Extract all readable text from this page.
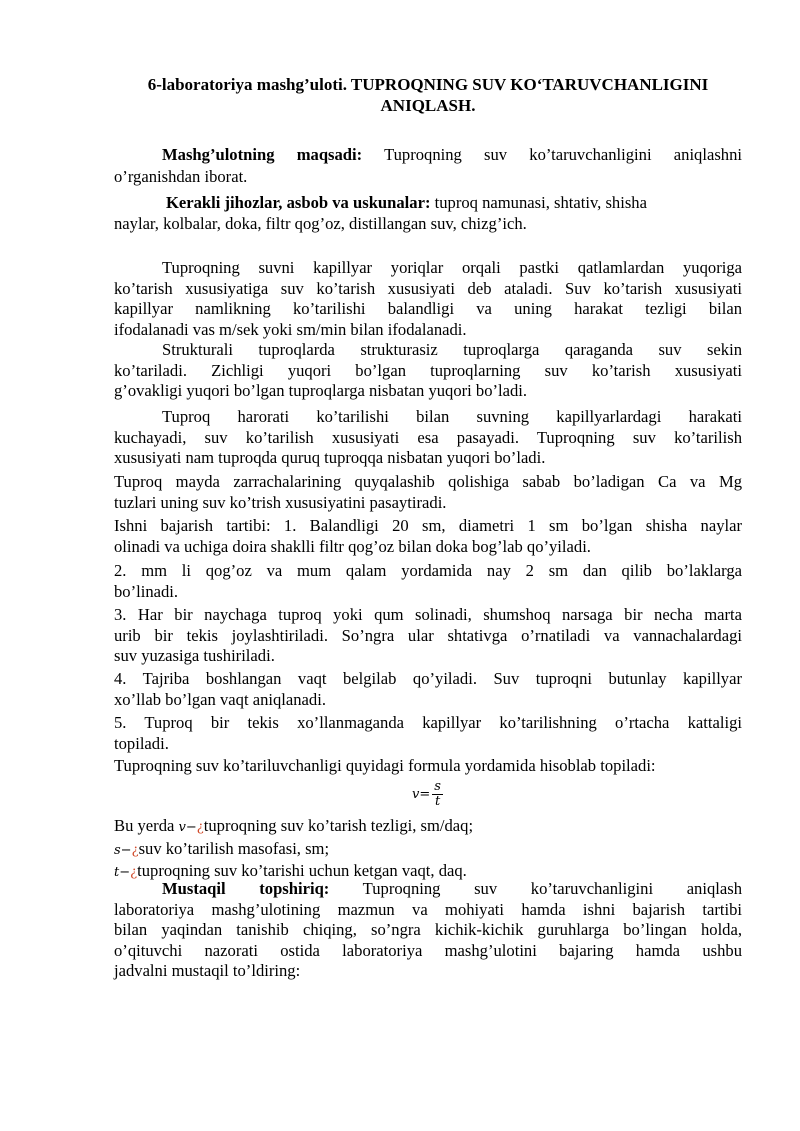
6-laboratoriya mashg’uloti. TUPROQNING SUV KO‘TARUVCHANLIGINI
ANIQLASH.
Mashg’ulotning maqsadi: Tuproqning suv ko’taruvchanligini aniqlashni
o’rganishdan iborat.
Kerakli jihozlar, asbob va uskunalar: tuproq namunasi, shtativ, shisha
naylar, kolbalar, doka, filtr qog’oz, distillangan suv, chizg’ich.
Tuproqning suvni kapillyar yoriqlar orqali pastki qatlamlardan yuqoriga
ko’tarish xususiyatiga suv ko’tarish xususiyati deb ataladi. Suv ko’tarish xususiyati
kapillyar namlikning ko’tarilishi balandligi va uning harakat tezligi bilan
ifodalanadi vas m/sek yoki sm/min bilan ifodalanadi.
Strukturali tuproqlarda strukturasiz tuproqlarga qaraganda suv sekin
ko’tariladi. Zichligi yuqori bo’lgan tuproqlarning suv ko’tarish xususiyati
g’ovakligi yuqori bo’lgan tuproqlarga nisbatan yuqori bo’ladi.
Tuproq harorati ko’tarilishi bilan suvning kapillyarlardagi harakati
kuchayadi, suv ko’tarilish xususiyati esa pasayadi. Tuproqning suv ko’tarilish
xususiyati nam tuproqda quruq tuproqqa nisbatan yuqori bo’ladi.
Tuproq mayda zarrachalarining quyqalashib qolishiga sabab bo’ladigan Ca va Mg
tuzlari uning suv ko’trish xususiyatini pasaytiradi.
Ishni bajarish tartibi: 1. Balandligi 20 sm, diametri 1 sm bo’lgan shisha naylar
olinadi va uchiga doira shaklli filtr qog’oz bilan doka bog’lab qo’yiladi.
2. mm li qog’oz va mum qalam yordamida nay 2 sm dan qilib bo’laklarga
bo’linadi.
3. Har bir naychaga tuproq yoki qum solinadi, shumshoq narsaga bir necha marta
urib bir tekis joylashtiriladi. So’ngra ular shtativga o’rnatiladi va vannachalardagi
suv yuzasiga tushiriladi.
4. Tajriba boshlangan vaqt belgilab qo’yiladi. Suv tuproqni butunlay kapillyar
xo’llab bo’lgan vaqt aniqlanadi.
5. Tuproq bir tekis xo’llanmaganda kapillyar ko’tarilishning o’rtacha kattaligi
topiladi.
Tuproqning suv ko’tariluvchanligi quyidagi formula yordamida hisoblab topiladi:
$v= \frac{s}{t}$
Bu yerda v−¿tuproqning suv ko’tarish tezligi, sm/daq;
s−¿suv ko’tarilish masofasi, sm;
t−¿tuproqning suv ko’tarishi uchun ketgan vaqt, daq.
Mustaqil topshiriq: Tuproqning suv ko’taruvchanligini aniqlash
laboratoriya mashg’ulotining mazmun va mohiyati hamda ishni bajarish tartibi
bilan yaqindan tanishib chiqing, so’ngra kichik-kichik guruhlarga bo’lingan holda,
o’qituvchi nazorati ostida laboratoriya mashg’ulotini bajaring hamda ushbu
jadvalni mustaqil to’ldiring:
